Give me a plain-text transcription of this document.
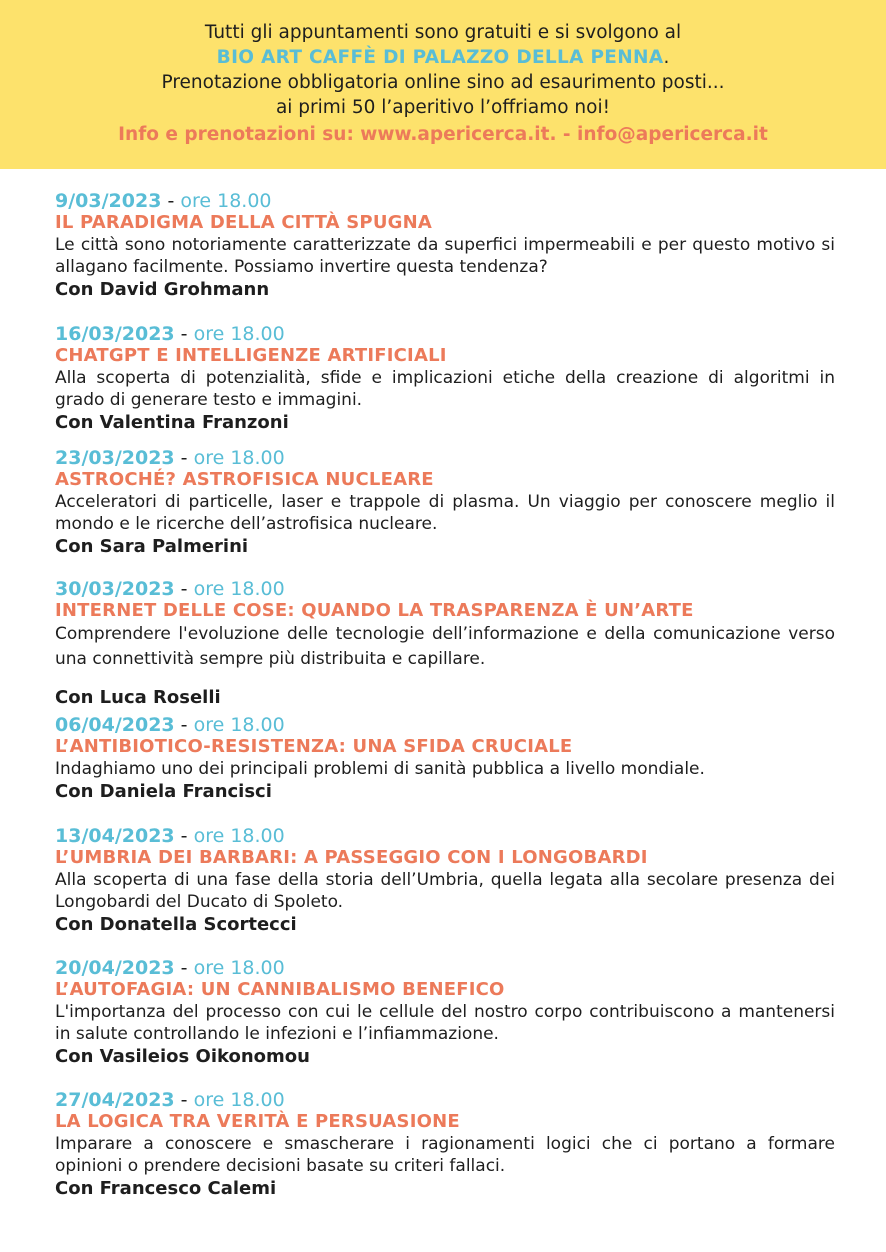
Tutti gli appuntamenti sono gratuiti e si svolgono al
BIO ART CAFFÈ DI PALAZZO DELLA PENNA.
Prenotazione obbligatoria online sino ad esaurimento posti...
ai primi 50 l’aperitivo l’offriamo noi!
Info e prenotazioni su: www.apericerca.it. - info@apericerca.it
9/03/2023 - ore 18.00
IL PARADIGMA DELLA CITTÀ SPUGNA
Le città sono notoriamente caratterizzate da superfici impermeabili e per questo motivo si allagano facilmente. Possiamo invertire questa tendenza?
Con David Grohmann
16/03/2023 - ore 18.00
CHATGPT E INTELLIGENZE ARTIFICIALI
Alla scoperta di potenzialità, sfide e implicazioni etiche della creazione di algoritmi in grado di generare testo e immagini.
Con Valentina Franzoni
23/03/2023 - ore 18.00
ASTROCHÉ? ASTROFISICA NUCLEARE
Acceleratori di particelle, laser e trappole di plasma. Un viaggio per conoscere meglio il mondo e le ricerche dell’astrofisica nucleare.
Con Sara Palmerini
30/03/2023 - ore 18.00
INTERNET DELLE COSE: QUANDO LA TRASPARENZA È UN’ARTE
Comprendere l'evoluzione delle tecnologie dell’informazione e della comunicazione verso una connettività sempre più distribuita e capillare.
Con Luca Roselli
06/04/2023 - ore 18.00
L’ANTIBIOTICO-RESISTENZA: UNA SFIDA CRUCIALE
Indaghiamo uno dei principali problemi di sanità pubblica a livello mondiale.
Con Daniela Francisci
13/04/2023 - ore 18.00
L’UMBRIA DEI BARBARI: A PASSEGGIO CON I LONGOBARDI
Alla scoperta di una fase della storia dell’Umbria, quella legata alla secolare presenza dei Longobardi del Ducato di Spoleto.
Con Donatella Scortecci
20/04/2023 - ore 18.00
L’AUTOFAGIA: UN CANNIBALISMO BENEFICO
L'importanza del processo con cui le cellule del nostro corpo contribuiscono a mantenersi in salute controllando le infezioni e l’infiammazione.
Con Vasileios Oikonomou
27/04/2023 - ore 18.00
LA LOGICA TRA VERITÀ E PERSUASIONE
Imparare a conoscere e smascherare i ragionamenti logici che ci portano a formare opinioni o prendere decisioni basate su criteri fallaci.
Con Francesco Calemi
